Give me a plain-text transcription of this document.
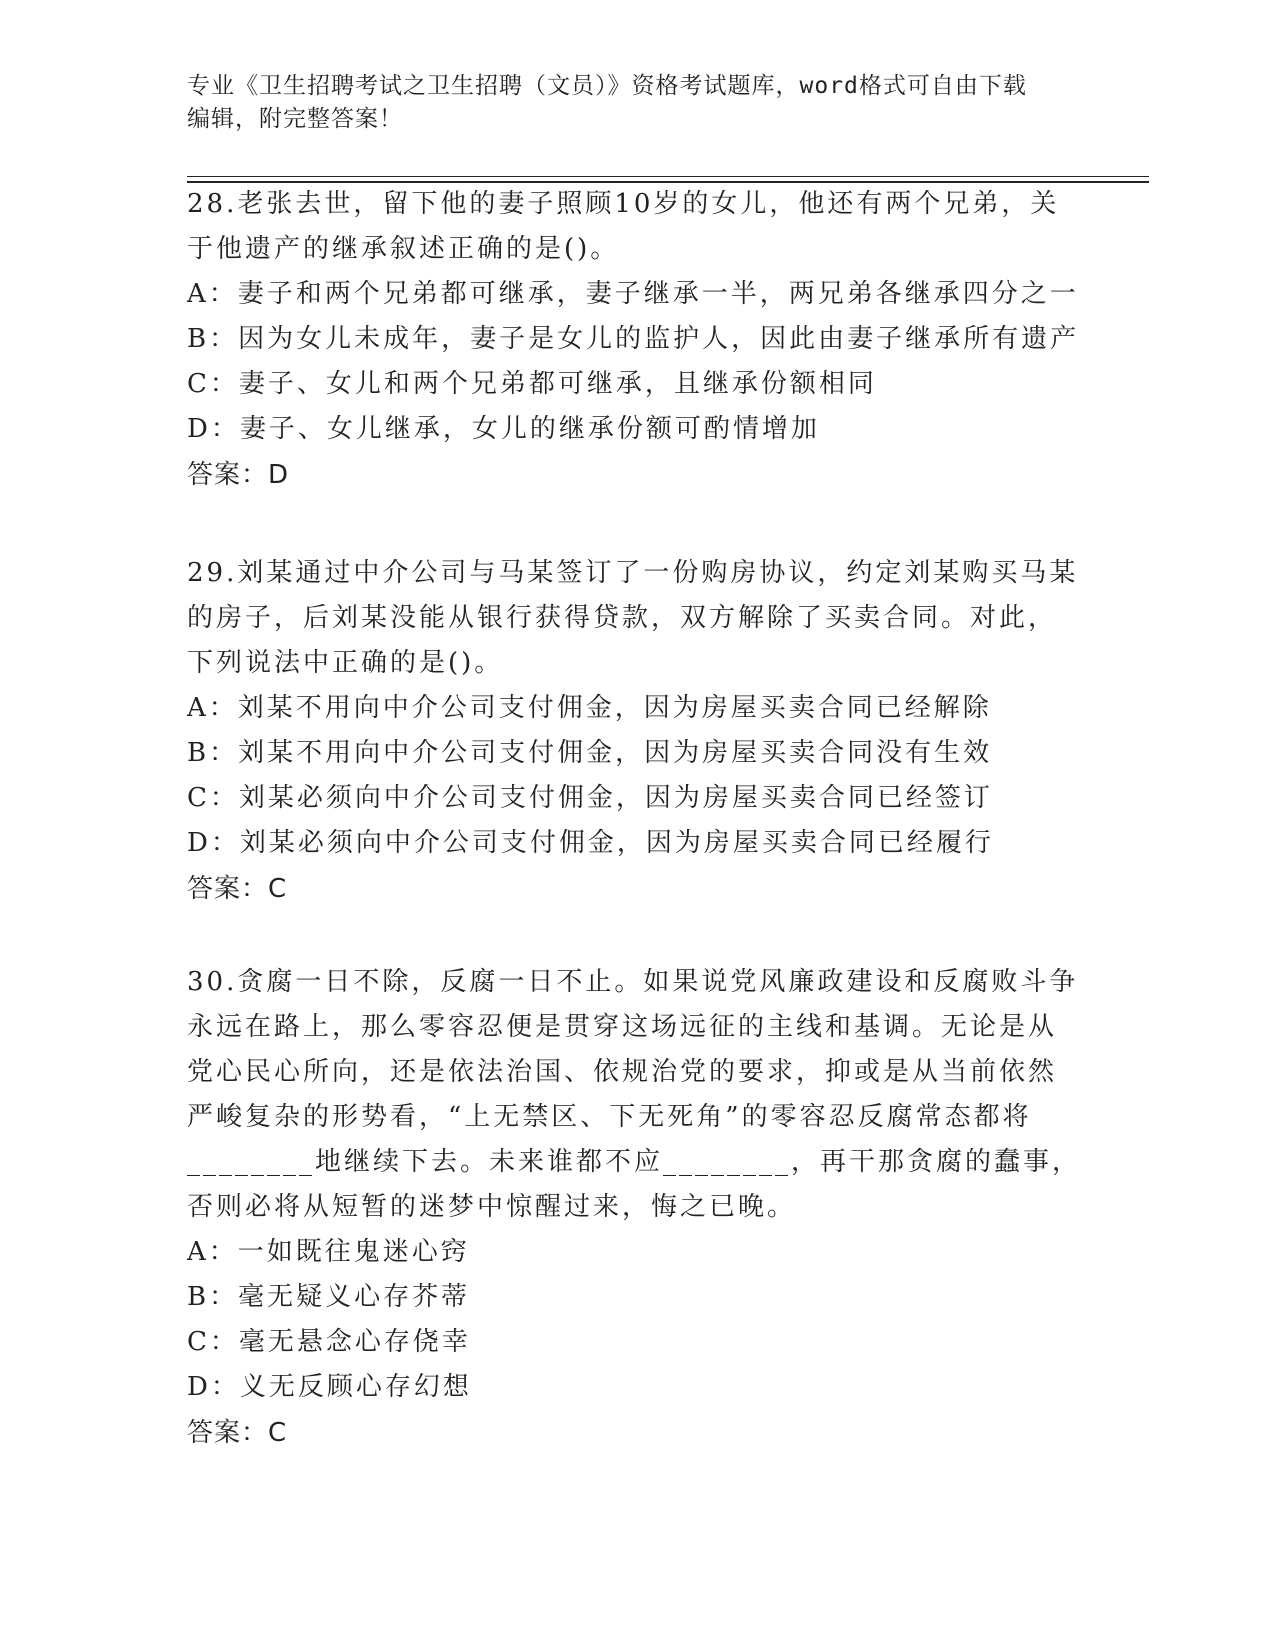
专业《卫生招聘考试之卫生招聘（文员）》资格考试题库，word格式可自由下载
编辑，附完整答案！
28.老张去世，留下他的妻子照顾10岁的女儿，他还有两个兄弟，关
于他遗产的继承叙述正确的是()。
A：妻子和两个兄弟都可继承，妻子继承一半，两兄弟各继承四分之一
B：因为女儿未成年，妻子是女儿的监护人，因此由妻子继承所有遗产
C：妻子、女儿和两个兄弟都可继承，且继承份额相同
D：妻子、女儿继承，女儿的继承份额可酌情增加
答案：D
29.刘某通过中介公司与马某签订了一份购房协议，约定刘某购买马某
的房子，后刘某没能从银行获得贷款，双方解除了买卖合同。对此，
下列说法中正确的是()。
A：刘某不用向中介公司支付佣金，因为房屋买卖合同已经解除
B：刘某不用向中介公司支付佣金，因为房屋买卖合同没有生效
C：刘某必须向中介公司支付佣金，因为房屋买卖合同已经签订
D：刘某必须向中介公司支付佣金，因为房屋买卖合同已经履行
答案：C
30.贪腐一日不除，反腐一日不止。如果说党风廉政建设和反腐败斗争
永远在路上，那么零容忍便是贯穿这场远征的主线和基调。无论是从
党心民心所向，还是依法治国、依规治党的要求，抑或是从当前依然
严峻复杂的形势看，“上无禁区、下无死角”的零容忍反腐常态都将
________地继续下去。未来谁都不应________，再干那贪腐的蠢事，
否则必将从短暂的迷梦中惊醒过来，悔之已晚。
A：一如既往鬼迷心窍
B：毫无疑义心存芥蒂
C：毫无悬念心存侥幸
D：义无反顾心存幻想
答案：C
